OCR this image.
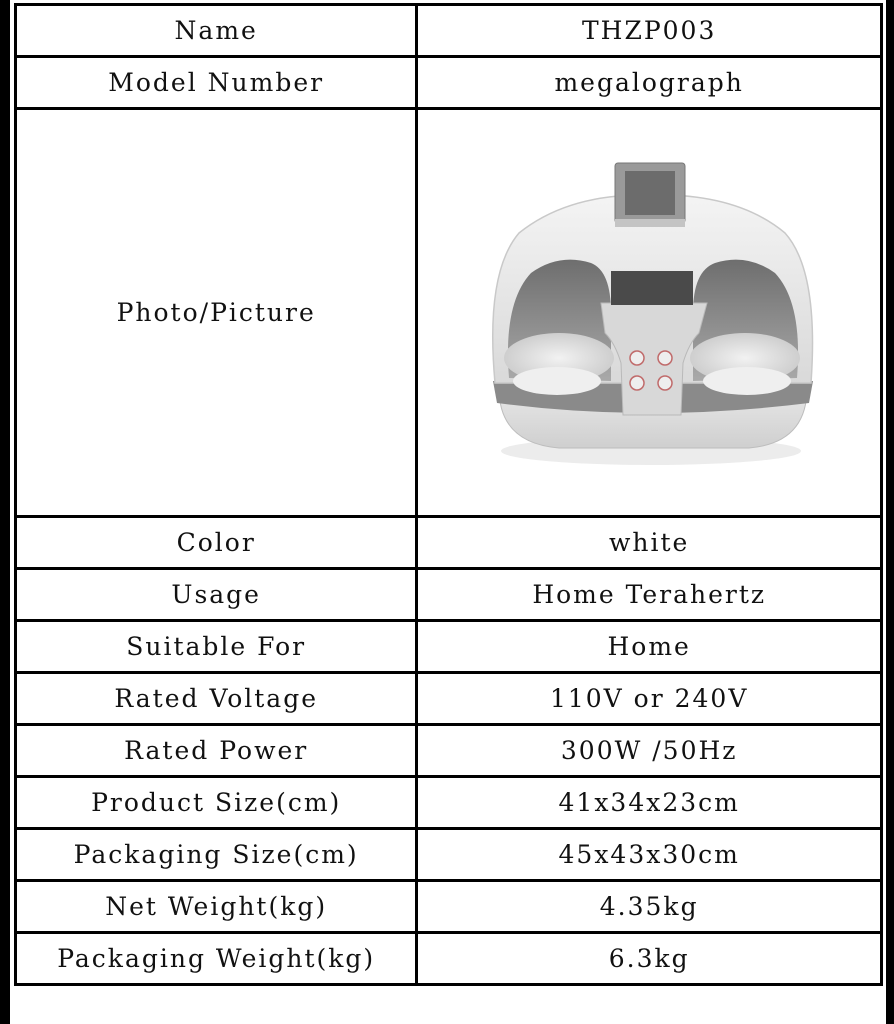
Name	THZP003
Model Number	megalograph
Photo/Picture	

Color	white
Usage	Home Terahertz
Suitable For	Home
Rated Voltage	110V or 240V
Rated Power	300W /50Hz
Product Size(cm)	41x34x23cm
Packaging Size(cm)	45x43x30cm
Net Weight(kg)	4.35kg
Packaging Weight(kg)	6.3kg
